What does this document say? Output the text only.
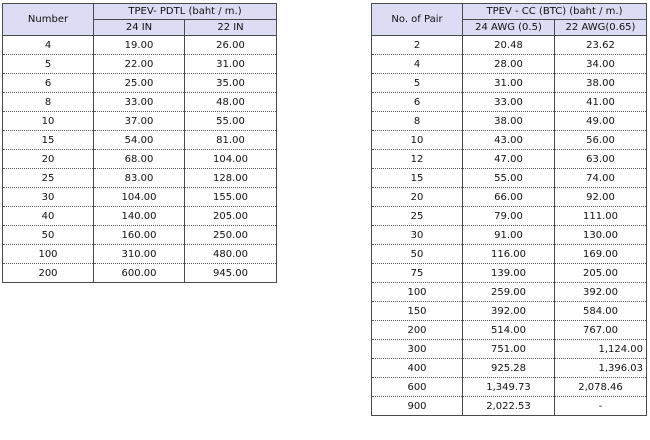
Number	TPEV- PDTL (baht / m.)	
	24 IN	22 IN
4	19.00	26.00
5	22.00	31.00
6	25.00	35.00
8	33.00	48.00
10	37.00	55.00
15	54.00	81.00
20	68.00	104.00
25	83.00	128.00
30	104.00	155.00
40	140.00	205.00
50	160.00	250.00
100	310.00	480.00
200	600.00	945.00
No. of Pair	TPEV - CC (BTC) (baht / m.)	
	24 AWG (0.5)	22 AWG(0.65)
2	20.48	23.62
4	28.00	34.00
5	31.00	38.00
6	33.00	41.00
8	38.00	49.00
10	43.00	56.00
12	47.00	63.00
15	55.00	74.00
20	66.00	92.00
25	79.00	111.00
30	91.00	130.00
50	116.00	169.00
75	139.00	205.00
100	259.00	392.00
150	392.00	584.00
200	514.00	767.00
300	751.00	1,124.00
400	925.28	1,396.03
600	1,349.73	2,078.46
900	2,022.53	-
